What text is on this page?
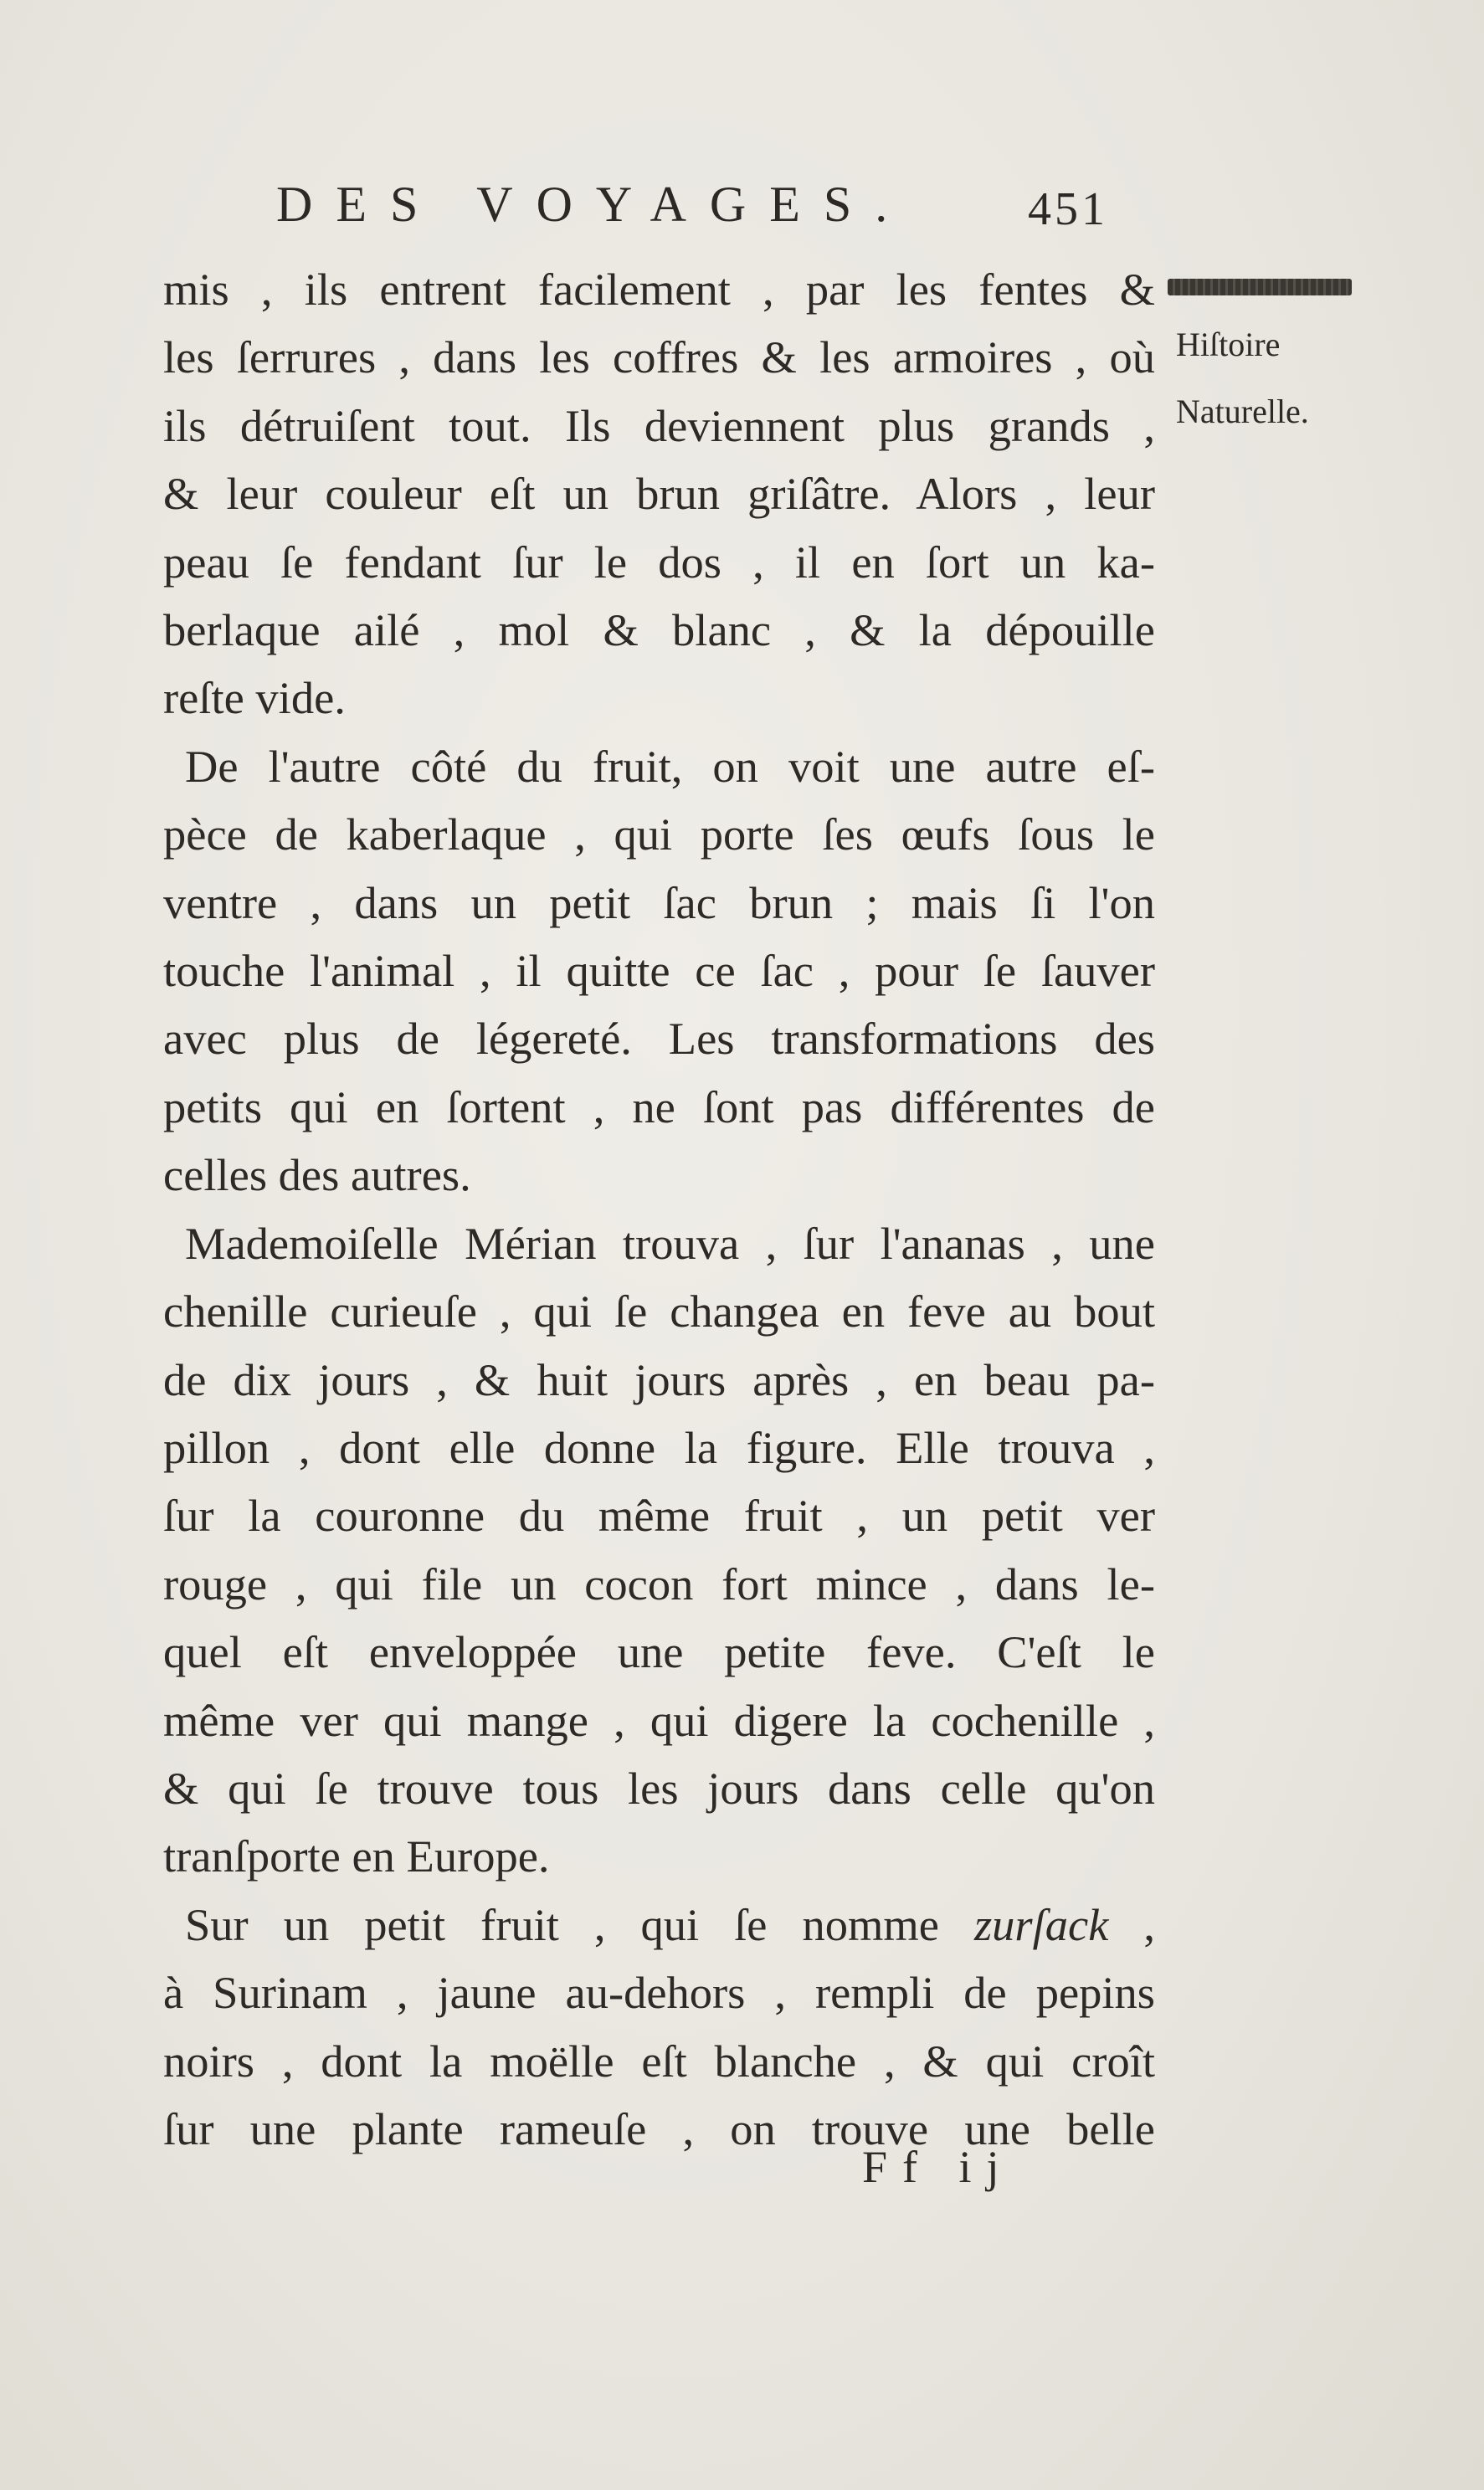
DES VOYAGES. 451
Hiſtoire
Naturelle.

mis , ils entrent facilement , par les fentes &
les ſerrures , dans les coffres & les armoires , où
ils détruiſent tout. Ils deviennent plus grands ,
& leur couleur eſt un brun griſâtre. Alors , leur
peau ſe fendant ſur le dos , il en ſort un ka-
berlaque ailé , mol & blanc , & la dépouille
reſte vide.

De l'autre côté du fruit, on voit une autre eſ-
pèce de kaberlaque , qui porte ſes œufs ſous le
ventre , dans un petit ſac brun ; mais ſi l'on
touche l'animal , il quitte ce ſac , pour ſe ſauver
avec plus de légereté. Les transformations des
petits qui en ſortent , ne ſont pas différentes de
celles des autres.

Mademoiſelle Mérian trouva , ſur l'ananas , une
chenille curieuſe , qui ſe changea en feve au bout
de dix jours , & huit jours après , en beau pa-
pillon , dont elle donne la figure. Elle trouva ,
ſur la couronne du même fruit , un petit ver
rouge , qui file un cocon fort mince , dans le-
quel eſt enveloppée une petite feve. C'eſt le
même ver qui mange , qui digere la cochenille ,
& qui ſe trouve tous les jours dans celle qu'on
tranſporte en Europe.

Sur un petit fruit , qui ſe nomme zurſack ,
à Surinam , jaune au-dehors , rempli de pepins
noirs , dont la moëlle eſt blanche , & qui croît
ſur une plante rameuſe , on trouve une belle

Ff ij
